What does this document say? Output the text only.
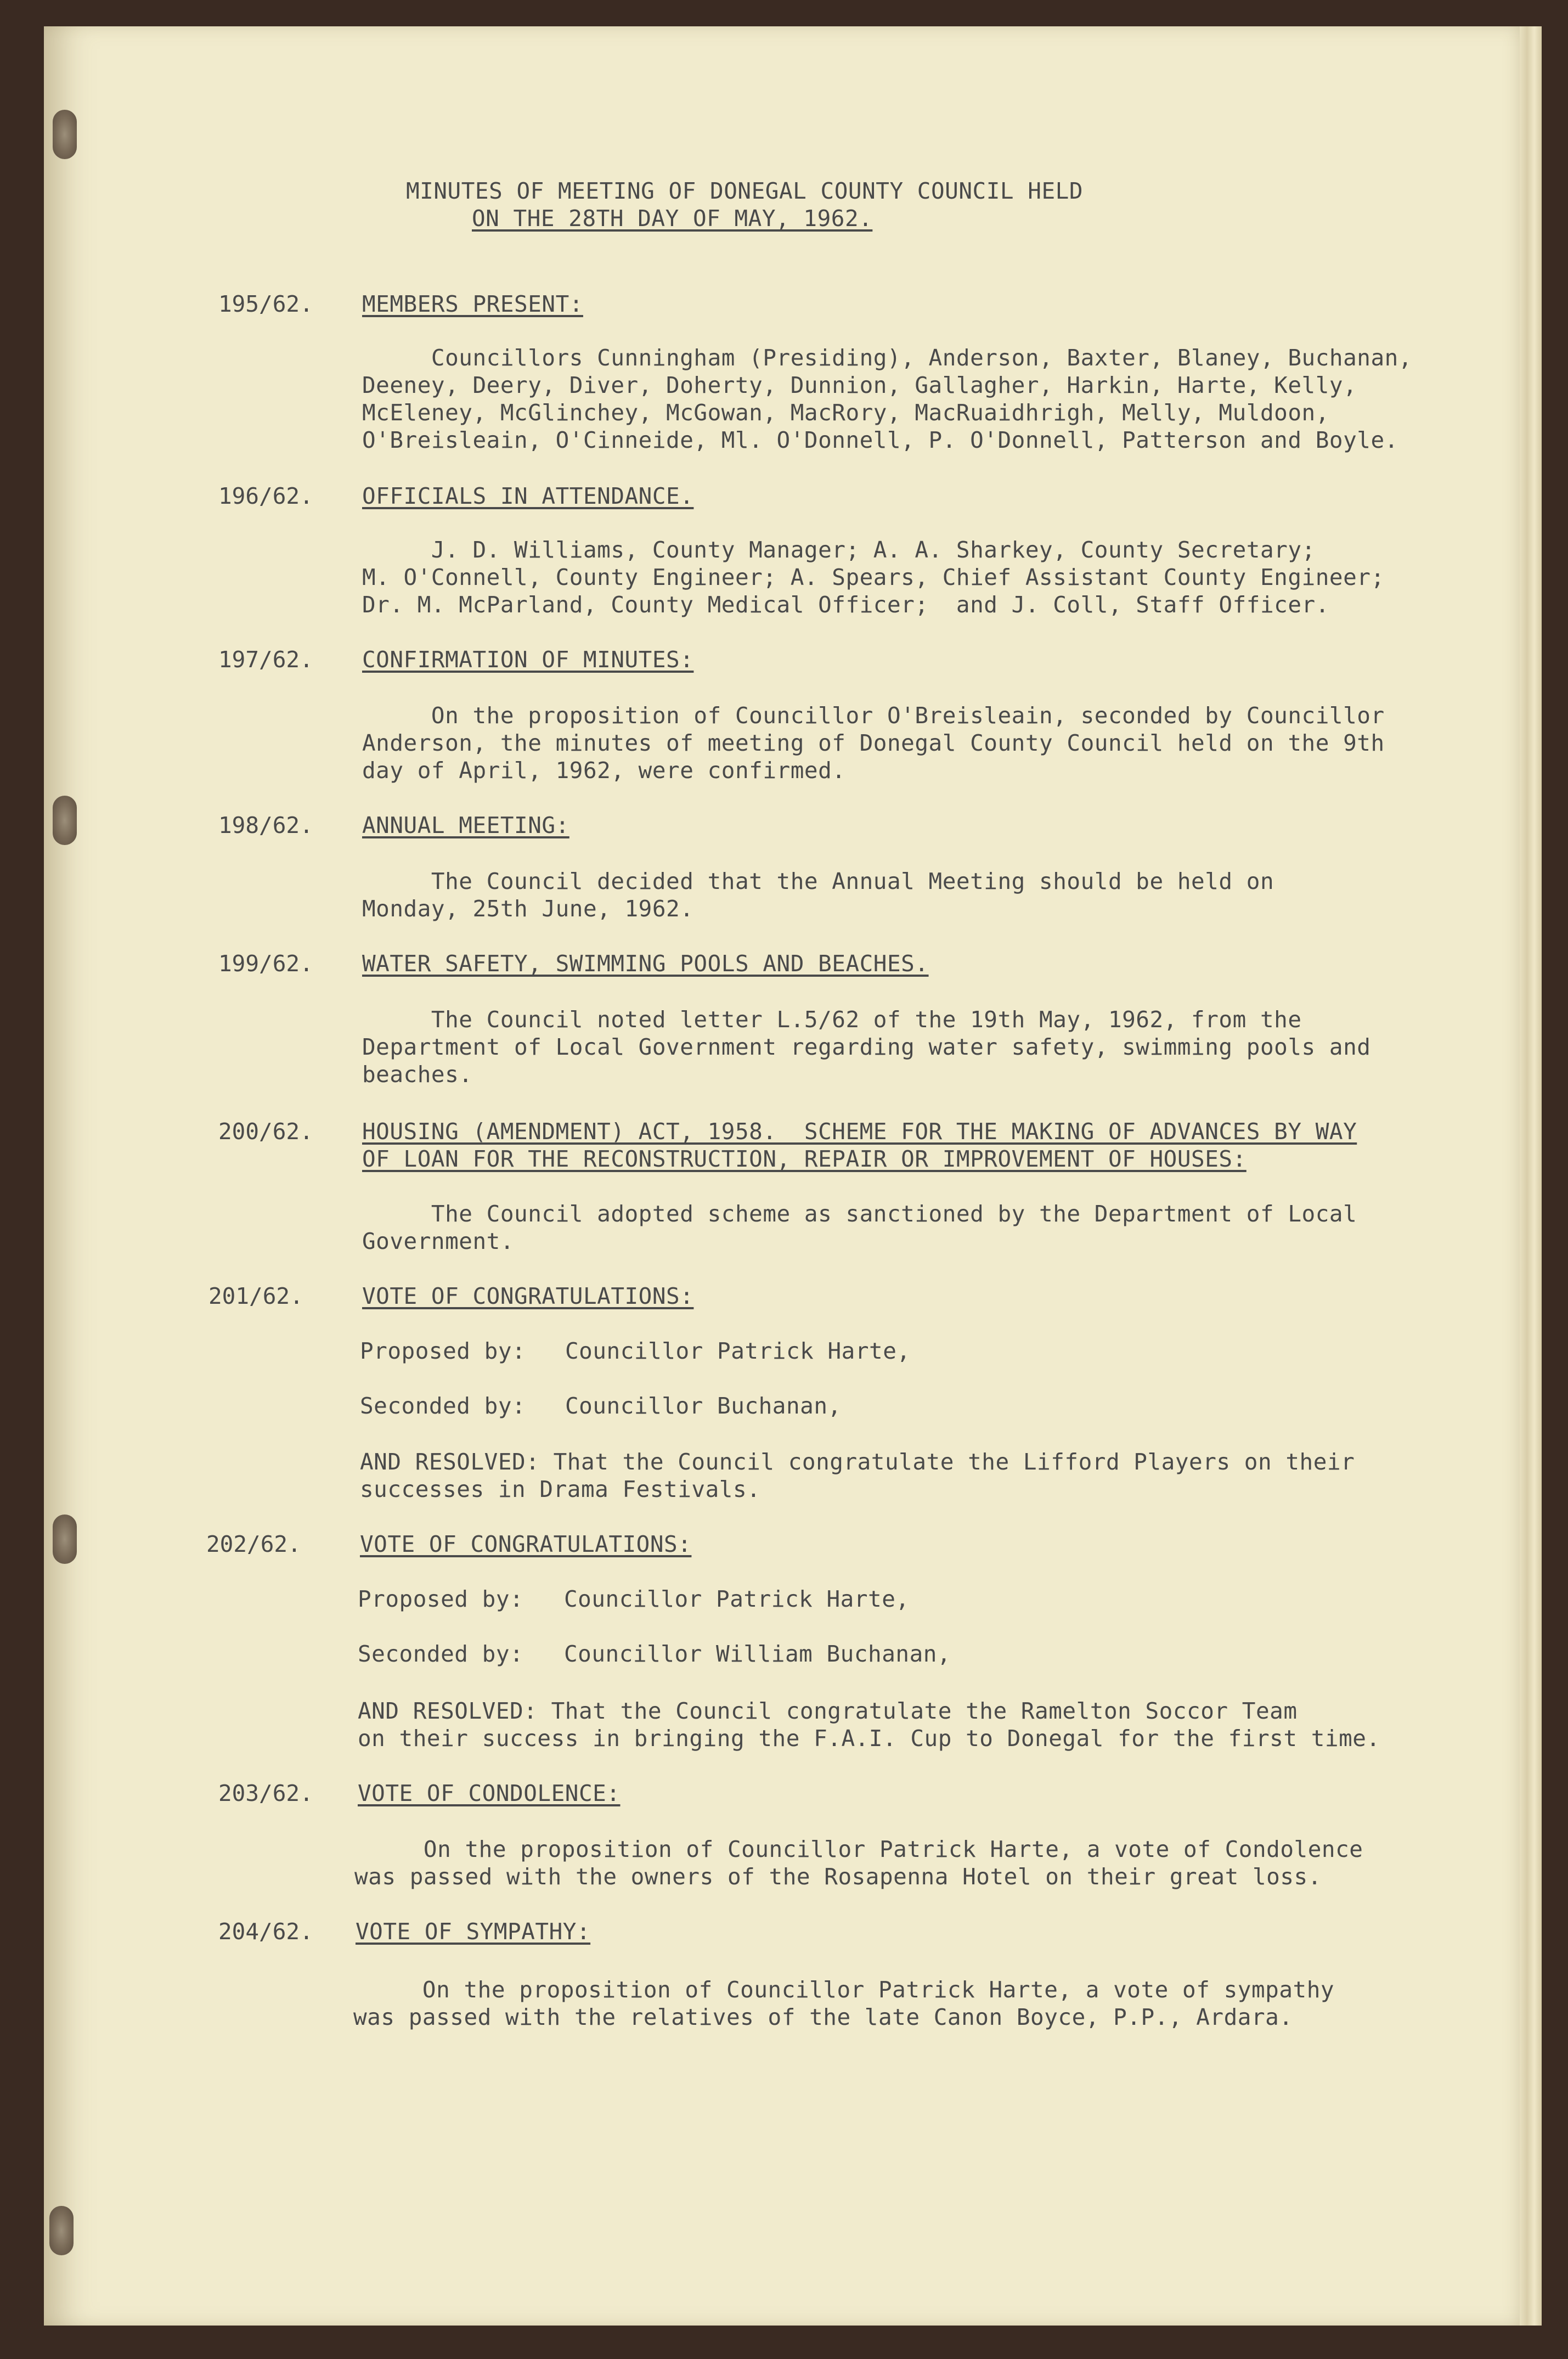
MINUTES OF MEETING OF DONEGAL COUNTY COUNCIL HELD
ON THE 28TH DAY OF MAY, 1962.
195/62. MEMBERS PRESENT:
Councillors Cunningham (Presiding), Anderson, Baxter, Blaney, Buchanan,
Deeney, Deery, Diver, Doherty, Dunnion, Gallagher, Harkin, Harte, Kelly,
McEleney, McGlinchey, McGowan, MacRory, MacRuaidhrigh, Melly, Muldoon,
O'Breisleain, O'Cinneide, Ml. O'Donnell, P. O'Donnell, Patterson and Boyle.
196/62. OFFICIALS IN ATTENDANCE.
J. D. Williams, County Manager; A. A. Sharkey, County Secretary;
M. O'Connell, County Engineer; A. Spears, Chief Assistant County Engineer;
Dr. M. McParland, County Medical Officer;  and J. Coll, Staff Officer.
197/62. CONFIRMATION OF MINUTES:
On the proposition of Councillor O'Breisleain, seconded by Councillor
Anderson, the minutes of meeting of Donegal County Council held on the 9th
day of April, 1962, were confirmed.
198/62. ANNUAL MEETING:
The Council decided that the Annual Meeting should be held on
Monday, 25th June, 1962.
199/62. WATER SAFETY, SWIMMING POOLS AND BEACHES.
The Council noted letter L.5/62 of the 19th May, 1962, from the
Department of Local Government regarding water safety, swimming pools and
beaches.
200/62. HOUSING (AMENDMENT) ACT, 1958.  SCHEME FOR THE MAKING OF ADVANCES BY WAY
OF LOAN FOR THE RECONSTRUCTION, REPAIR OR IMPROVEMENT OF HOUSES:
The Council adopted scheme as sanctioned by the Department of Local
Government.
201/62.	VOTE OF CONGRATULATIONS:
Proposed by: Councillor Patrick Harte,
Seconded by: Councillor Buchanan,
AND RESOLVED: That the Council congratulate the Lifford Players on their
successes in Drama Festivals.
202/62.	VOTE OF CONGRATULATIONS:
Proposed by: Councillor Patrick Harte,
Seconded by: Councillor William Buchanan,
AND RESOLVED: That the Council congratulate the Ramelton Soccor Team
on their success in bringing the F.A.I. Cup to Donegal for the first time.
203/62. VOTE OF CONDOLENCE:
On the proposition of Councillor Patrick Harte, a vote of Condolence
was passed with the owners of the Rosapenna Hotel on their great loss.
204/62. VOTE OF SYMPATHY:
On the proposition of Councillor Patrick Harte, a vote of sympathy
was passed with the relatives of the late Canon Boyce, P.P., Ardara.
